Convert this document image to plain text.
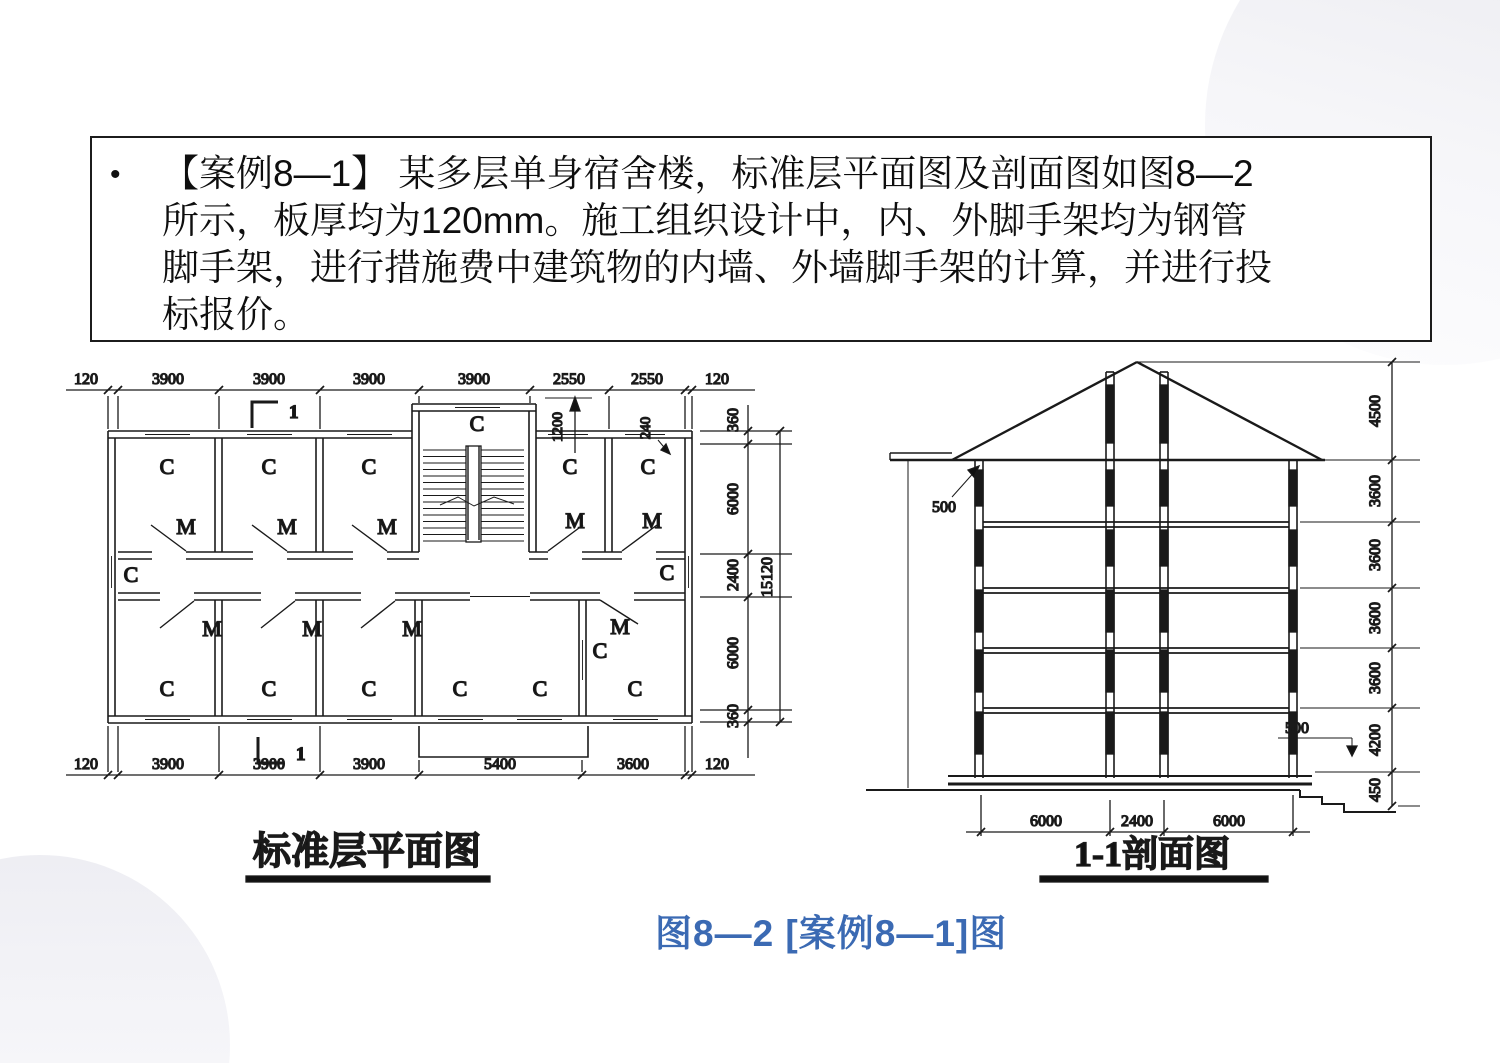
•	【案例8—1】 某多层单身宿舍楼，标准层平面图及剖面图如图8—2
所示，板厚均为120mm。施工组织设计中，内、外脚手架均为钢管
脚手架，进行措施费中建筑物的内墙、外墙脚手架的计算，并进行投
标报价。
120	3900	3900	3900	3900	2550	2550	120
1
1
120	3900	3900	3900	5400	3600	120
360
6000
2400
6000
360
15120
1200	240
C	C	C
C
C	C
M	M	M	M	M
C	C
M	M	M	M
C
C	C	C	C	C	C
标准层平面图
500
500
4500
3600
3600
3600
3600
4200
450
6000	2400	6000
1-1剖面图
图8—2 [案例8—1]图
